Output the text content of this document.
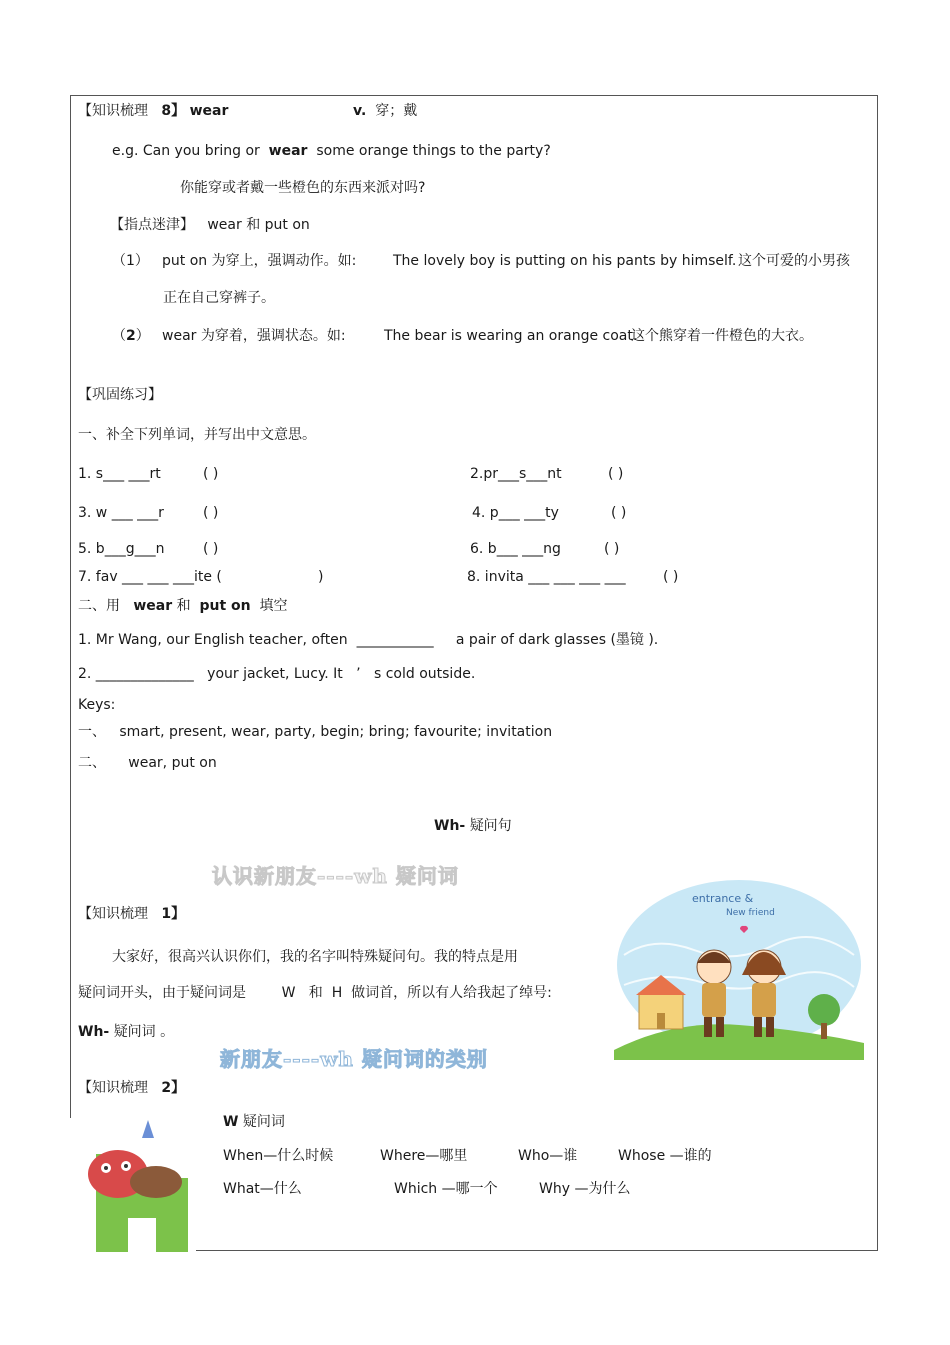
【知识梳理 8】 wear	v. 穿；戴
e.g. Can you bring or wear some orange things to the party?
你能穿或者戴一些橙色的东西来派对吗?
【指点迷津】 wear 和 put on
（1） put on 为穿上，强调动作。如:	The lovely boy is putting on his pants by himself. 这个可爱的小男孩
正在自己穿裤子。
（2） wear 为穿着，强调状态。如:	The bear is wearing an orange coat.
这个熊穿着一件橙色的大衣。
【巩固练习】
一、补全下列单词，并写出中文意思。
1. s___ ___rt	( )	2.pr___s___nt	( )
3. w ___ ___r	( )	4. p___ ___ty	( )
5. b___g___n	( )	6. b___ ___ng	( )
7. fav ___ ___ ___ite (	)	8. invita ___ ___ ___ ___	( )
二、用 wear 和 put on 填空
1. Mr Wang, our English teacher, often  ___________     a pair of dark glasses (墨镜 ).
2. ______________   your jacket, Lucy. It ’ s cold outside.
Keys:
一、 smart, present, wear, party, begin; bring; favourite; invitation
二、 wear, put on
Wh- 疑问句
认识新朋友----wh 疑问词
【知识梳理 1】
大家好，很高兴认识你们，我的名字叫特殊疑问句。我的特点是用
疑问词开头，由于疑问词是        W   和  H  做词首，所以有人给我起了绰号:
Wh- 疑问词 。
新朋友----wh 疑问词的类别
【知识梳理 2】
W 疑问词
When—什么时候	Where—哪里	Who—谁	Whose —谁的
What—什么	Which —哪一个	Why —为什么
entrance &
New friend
